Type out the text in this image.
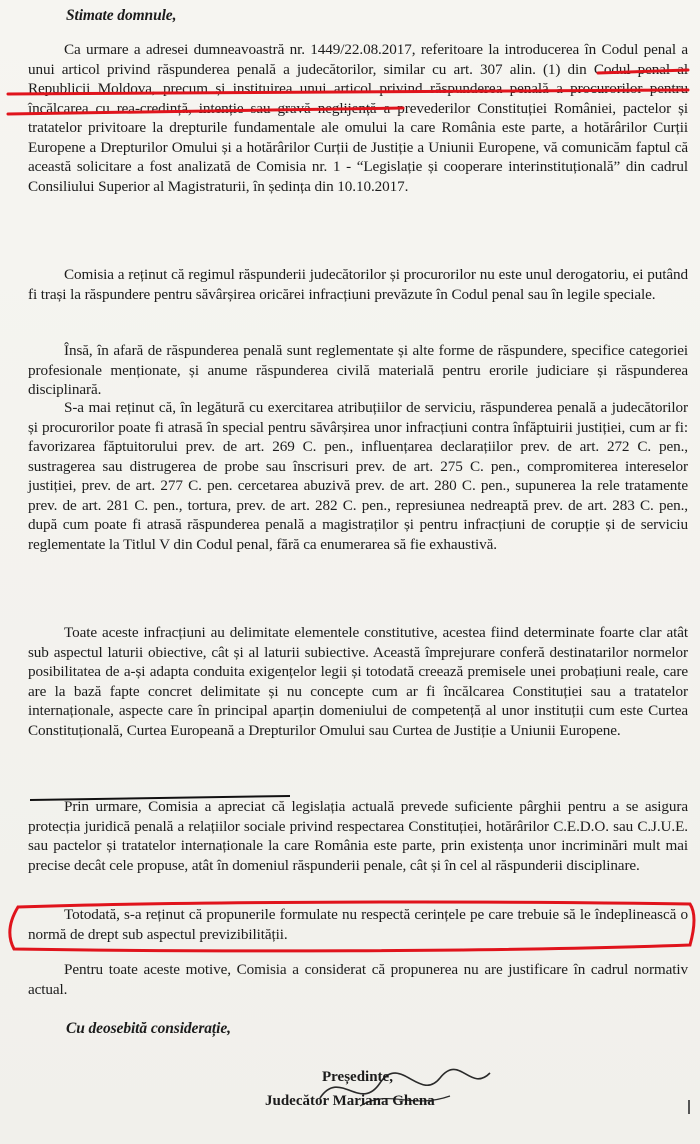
Stimate domnule,

Ca urmare a adresei dumneavoastră nr. 1449/22.08.2017, referitoare la introducerea în Codul penal a unui articol privind răspunderea penală a judecătorilor, similar cu art. 307 alin. (1) din Codul penal al Republicii Moldova, precum și instituirea unui articol privind răspunderea penală a procurorilor pentru încălcarea cu rea-credință, intenție sau gravă neglijență a prevederilor Constituției României, pactelor și tratatelor privitoare la drepturile fundamentale ale omului la care România este parte, a hotărârilor Curții Europene a Drepturilor Omului și a hotărârilor Curții de Justiție a Uniunii Europene, vă comunicăm faptul că această solicitare a fost analizată de Comisia nr. 1 - “Legislație și cooperare interinstituțională” din cadrul Consiliului Superior al Magistraturii, în ședința din 10.10.2017.

Comisia a reținut că regimul răspunderii judecătorilor și procurorilor nu este unul derogatoriu, ei putând fi trași la răspundere pentru săvârșirea oricărei infracțiuni prevăzute în Codul penal sau în legile speciale.

Însă, în afară de răspunderea penală sunt reglementate și alte forme de răspundere, specifice categoriei profesionale menționate, și anume răspunderea civilă materială pentru erorile judiciare și răspunderea disciplinară.

S-a mai reținut că, în legătură cu exercitarea atribuțiilor de serviciu, răspunderea penală a judecătorilor și procurorilor poate fi atrasă în special pentru săvârșirea unor infracțiuni contra înfăptuirii justiției, cum ar fi: favorizarea făptuitorului prev. de art. 269 C. pen., influențarea declarațiilor prev. de art. 272 C. pen., sustragerea sau distrugerea de probe sau înscrisuri prev. de art. 275 C. pen., compromiterea intereselor justiției, prev. de art. 277 C. pen. cercetarea abuzivă prev. de art. 280 C. pen., supunerea la rele tratamente prev. de art. 281 C. pen., tortura, prev. de art. 282 C. pen., represiunea nedreaptă prev. de art. 283 C. pen., după cum poate fi atrasă răspunderea penală a magistraților și pentru infracțiuni de corupție și de serviciu reglementate la Titlul V din Codul penal, fără ca enumerarea să fie exhaustivă.

Toate aceste infracțiuni au delimitate elementele constitutive, acestea fiind determinate foarte clar atât sub aspectul laturii obiective, cât și al laturii subiective. Această împrejurare conferă destinatarilor normelor posibilitatea de a-și adapta conduita exigențelor legii și totodată creează premisele unei probațiuni reale, care are la bază fapte concret delimitate și nu concepte cum ar fi încălcarea Constituției sau a tratatelor internaționale, aspecte care în principal aparțin domeniului de competență al unor instituții cum este Curtea Constituțională, Curtea Europeană a Drepturilor Omului sau Curtea de Justiție a Uniunii Europene.

Prin urmare, Comisia a apreciat că legislația actuală prevede suficiente pârghii pentru a se asigura protecția juridică penală a relațiilor sociale privind respectarea Constituției, hotărârilor C.E.D.O. sau C.J.U.E. sau pactelor și tratatelor internaționale la care România este parte, prin existența unor incriminări mult mai precise decât cele propuse, atât în domeniul răspunderii penale, cât și în cel al răspunderii disciplinare.

Totodată, s-a reținut că propunerile formulate nu respectă cerințele pe care trebuie să le îndeplinească o normă de drept sub aspectul previzibilității.

Pentru toate aceste motive, Comisia a considerat că propunerea nu are justificare în cadrul normativ actual.

Cu deosebită considerație,
Președinte,
Judecător Mariana Ghena
